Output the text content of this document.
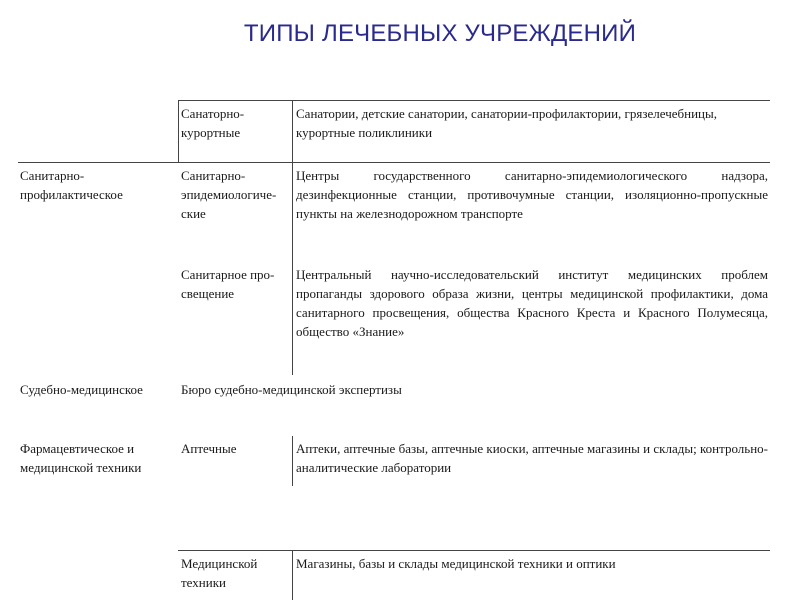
ТИПЫ ЛЕЧЕБНЫХ УЧРЕЖДЕНИЙ
Санаторно-
курортные
Санатории, детские санатории, санатории-профилактории, грязелечебницы, курортные поликлиники
Санитарно-
профилактическое
Санитарно-
эпидемиологиче-
ские
Центры государственного санитарно-эпидемиологического надзора, дезинфекционные станции, противочумные станции, изоляционно-пропускные пункты на железнодорожном транспорте
Санитарное про-
свещение
Центральный научно-исследовательский институт медицинских проблем пропаганды здорового образа жизни, центры медицинской профилактики, дома санитарного просвещения, общества Красного Креста и Красного Полумесяца, общество «Знание»
Судебно-медицинское	Бюро судебно-медицинской экспертизы
Фармацевтическое и
медицинской техники
Аптечные	Аптеки, аптечные базы, аптечные киоски, аптечные магазины и склады; контрольно-аналитические лаборатории
Медицинской
техники
Магазины, базы и склады медицинской техники и оптики
